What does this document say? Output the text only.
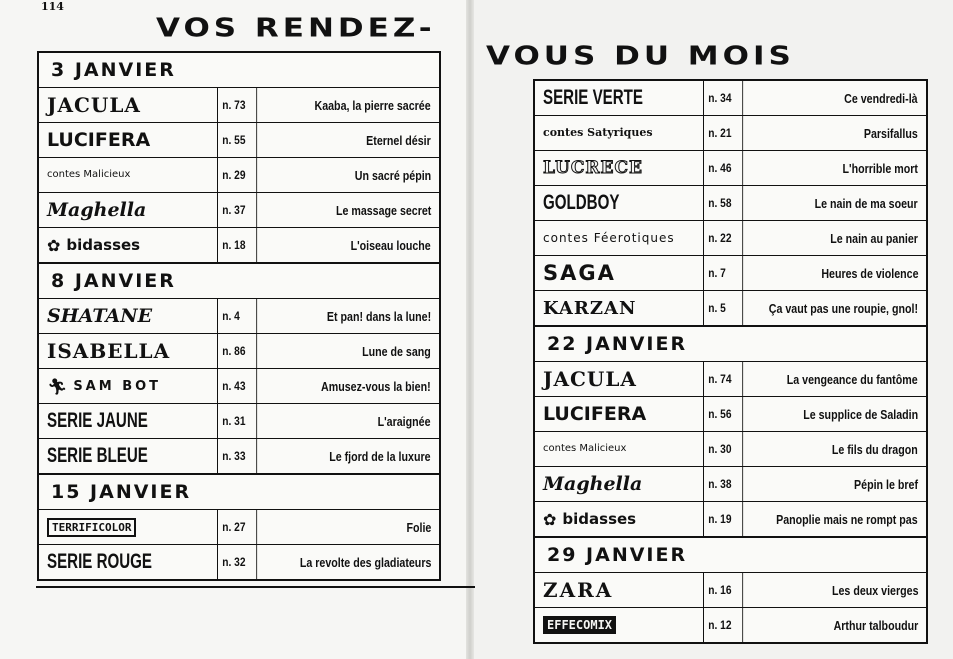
114
VOS RENDEZ-
VOUS DU MOIS
3 JANVIER
JACULA	n. 73	Kaaba, la pierre sacrée
LUCIFERA	n. 55	Eternel désir
contes Malicieux	n. 29	Un sacré pépin
Maghella	n. 37	Le massage secret
✿ bidasses	n. 18	L'oiseau louche
8 JANVIER
SHATANE	n. 4	Et pan! dans la lune!
ISABELLA	n. 86	Lune de sang
🏃︎ SAM BOT	n. 43	Amusez-vous la bien!
SERIE JAUNE	n. 31	L'araignée
SERIE BLEUE	n. 33	Le fjord de la luxure
15 JANVIER
TERRIFICOLOR	n. 27	Folie
SERIE ROUGE	n. 32	La revolte des gladiateurs
SERIE VERTE	n. 34	Ce vendredi-là
contes Satyriques	n. 21	Parsifallus
LUCRECE	n. 46	L'horrible mort
GOLDBOY	n. 58	Le nain de ma soeur
contes Féerotiques	n. 22	Le nain au panier
SAGA	n. 7	Heures de violence
KARZAN	n. 5	Ça vaut pas une roupie, gnol!
22 JANVIER
JACULA	n. 74	La vengeance du fantôme
LUCIFERA	n. 56	Le supplice de Saladin
contes Malicieux	n. 30	Le fils du dragon
Maghella	n. 38	Pépin le bref
✿ bidasses	n. 19	Panoplie mais ne rompt pas
29 JANVIER
ZARA	n. 16	Les deux vierges
EFFECOMIX	n. 12	Arthur talboudur
